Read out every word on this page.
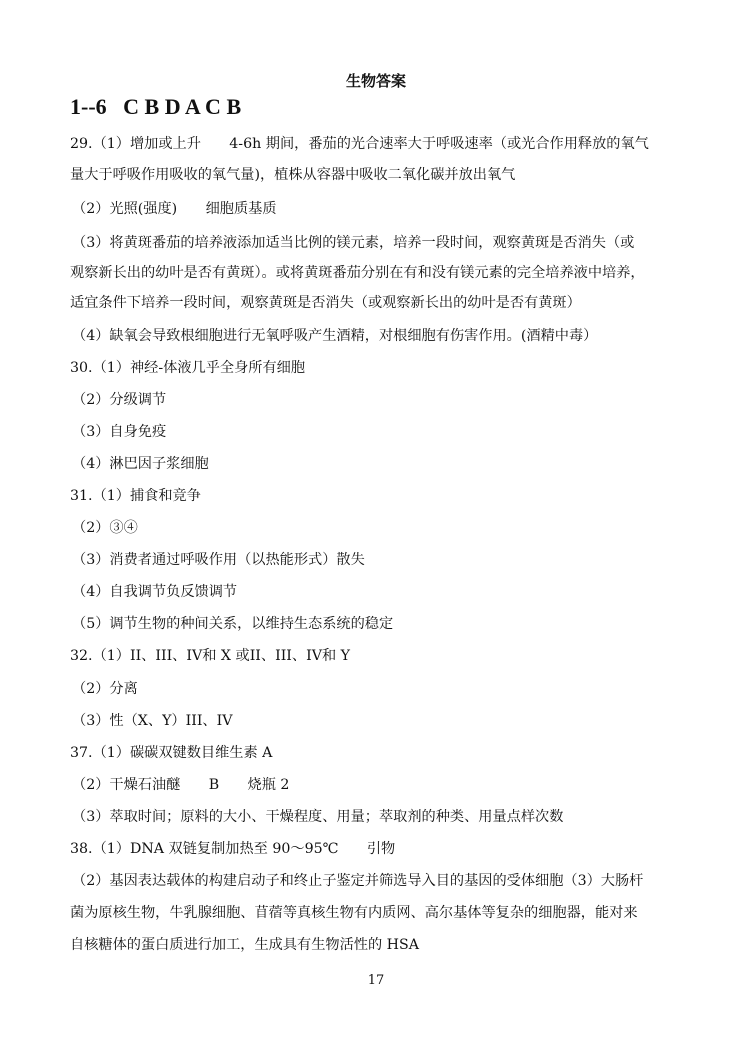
生物答案
1--6   C B D A C B
29.（1）增加或上升　　4-6h 期间，番茄的光合速率大于呼吸速率（或光合作用释放的氧气
量大于呼吸作用吸收的氧气量)，植株从容器中吸收二氧化碳并放出氧气
（2）光照(强度)　　细胞质基质
（3）将黄斑番茄的培养液添加适当比例的镁元素，培养一段时间，观察黄斑是否消失（或
观察新长出的幼叶是否有黄斑）。或将黄斑番茄分别在有和没有镁元素的完全培养液中培养，
适宜条件下培养一段时间，观察黄斑是否消失（或观察新长出的幼叶是否有黄斑）
（4）缺氧会导致根细胞进行无氧呼吸产生酒精，对根细胞有伤害作用。(酒精中毒）
30.（1）神经-体液几乎全身所有细胞
（2）分级调节
（3）自身免疫
（4）淋巴因子浆细胞
31.（1）捕食和竞争
（2）③④
（3）消费者通过呼吸作用（以热能形式）散失
（4）自我调节负反馈调节
（5）调节生物的种间关系，以维持生态系统的稳定
32.（1）II、III、IV和 X 或II、III、IV和 Y
（2）分离
（3）性（X、Y）III、IV
37.（1）碳碳双键数目维生素 A
（2）干燥石油醚　　B　　烧瓶 2
（3）萃取时间；原料的大小、干燥程度、用量；萃取剂的种类、用量点样次数
38.（1）DNA 双链复制加热至 90～95℃　　引物
（2）基因表达载体的构建启动子和终止子鉴定并筛选导入目的基因的受体细胞（3）大肠杆
菌为原核生物，牛乳腺细胞、苜蓿等真核生物有内质网、高尔基体等复杂的细胞器，能对来
自核糖体的蛋白质进行加工，生成具有生物活性的 HSA
17
